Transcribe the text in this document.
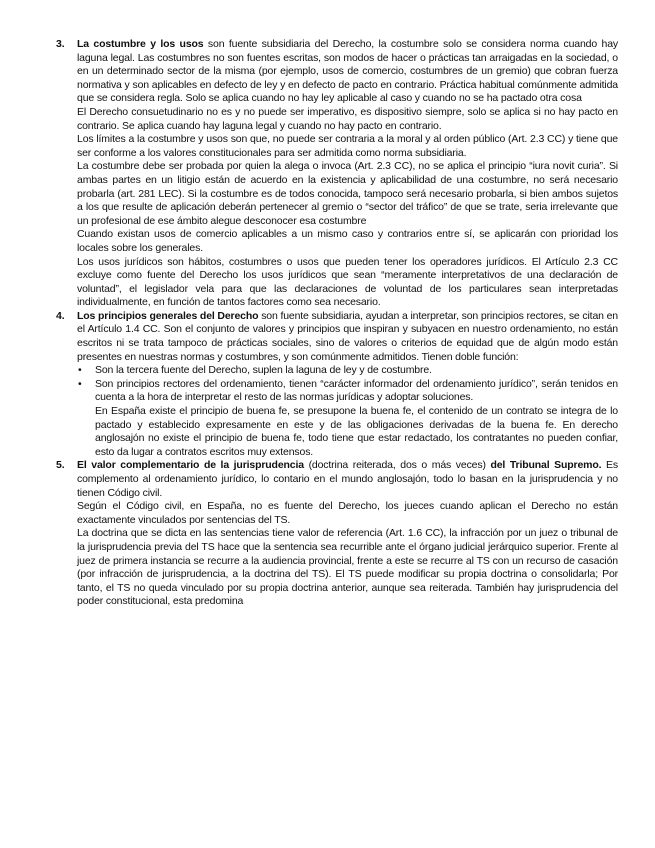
3. La costumbre y los usos son fuente subsidiaria del Derecho, la costumbre solo se considera norma cuando hay laguna legal. Las costumbres no son fuentes escritas, son modos de hacer o prácticas tan arraigadas en la sociedad, o en un determinado sector de la misma (por ejemplo, usos de comercio, costumbres de un gremio) que cobran fuerza normativa y son aplicables en defecto de ley y en defecto de pacto en contrario. Práctica habitual comúnmente admitida que se considera regla. Solo se aplica cuando no hay ley aplicable al caso y cuando no se ha pactado otra cosa

El Derecho consuetudinario no es y no puede ser imperativo, es dispositivo siempre, solo se aplica si no hay pacto en contrario. Se aplica cuando hay laguna legal y cuando no hay pacto en contrario.

Los límites a la costumbre y usos son que, no puede ser contraria a la moral y al orden público (Art. 2.3 CC) y tiene que ser conforme a los valores constitucionales para ser admitida como norma subsidiaria.

La costumbre debe ser probada por quien la alega o invoca (Art. 2.3 CC), no se aplica el principio “iura novit curia”. Si ambas partes en un litigio están de acuerdo en la existencia y aplicabilidad de una costumbre, no será necesario probarla (art. 281 LEC). Si la costumbre es de todos conocida, tampoco será necesario probarla, si bien ambos sujetos a los que resulte de aplicación deberán pertenecer al gremio o “sector del tráfico” de que se trate, seria irrelevante que un profesional de ese ámbito alegue desconocer esa costumbre

Cuando existan usos de comercio aplicables a un mismo caso y contrarios entre sí, se aplicarán con prioridad los locales sobre los generales.

Los usos jurídicos son hábitos, costumbres o usos que pueden tener los operadores jurídicos. El Artículo 2.3 CC excluye como fuente del Derecho los usos jurídicos que sean “meramente interpretativos de una declaración de voluntad”, el legislador vela para que las declaraciones de voluntad de los particulares sean interpretadas individualmente, en función de tantos factores como sea necesario.

4. Los principios generales del Derecho son fuente subsidiaria, ayudan a interpretar, son principios rectores, se citan en el Artículo 1.4 CC. Son el conjunto de valores y principios que inspiran y subyacen en nuestro ordenamiento, no están escritos ni se trata tampoco de prácticas sociales, sino de valores o criterios de equidad que de algún modo están presentes en nuestras normas y costumbres, y son comúnmente admitidos. Tienen doble función:

• Son la tercera fuente del Derecho, suplen la laguna de ley y de costumbre.
• Son principios rectores del ordenamiento, tienen “carácter informador del ordenamiento jurídico”, serán tenidos en cuenta a la hora de interpretar el resto de las normas jurídicas y adoptar soluciones.

En España existe el principio de buena fe, se presupone la buena fe, el contenido de un contrato se integra de lo pactado y establecido expresamente en este y de las obligaciones derivadas de la buena fe. En derecho anglosajón no existe el principio de buena fe, todo tiene que estar redactado, los contratantes no pueden confiar, esto da lugar a contratos escritos muy extensos.

5. El valor complementario de la jurisprudencia (doctrina reiterada, dos o más veces) del Tribunal Supremo. Es complemento al ordenamiento jurídico, lo contario en el mundo anglosajón, todo lo basan en la jurisprudencia y no tienen Código civil.

Según el Código civil, en España, no es fuente del Derecho, los jueces cuando aplican el Derecho no están exactamente vinculados por sentencias del TS.

La doctrina que se dicta en las sentencias tiene valor de referencia (Art. 1.6 CC), la infracción por un juez o tribunal de la jurisprudencia previa del TS hace que la sentencia sea recurrible ante el órgano judicial jerárquico superior. Frente al juez de primera instancia se recurre a la audiencia provincial, frente a este se recurre al TS con un recurso de casación (por infracción de jurisprudencia, a la doctrina del TS). El TS puede modificar su propia doctrina o consolidarla; Por tanto, el TS no queda vinculado por su propia doctrina anterior, aunque sea reiterada. También hay jurisprudencia del poder constitucional, esta predomina
